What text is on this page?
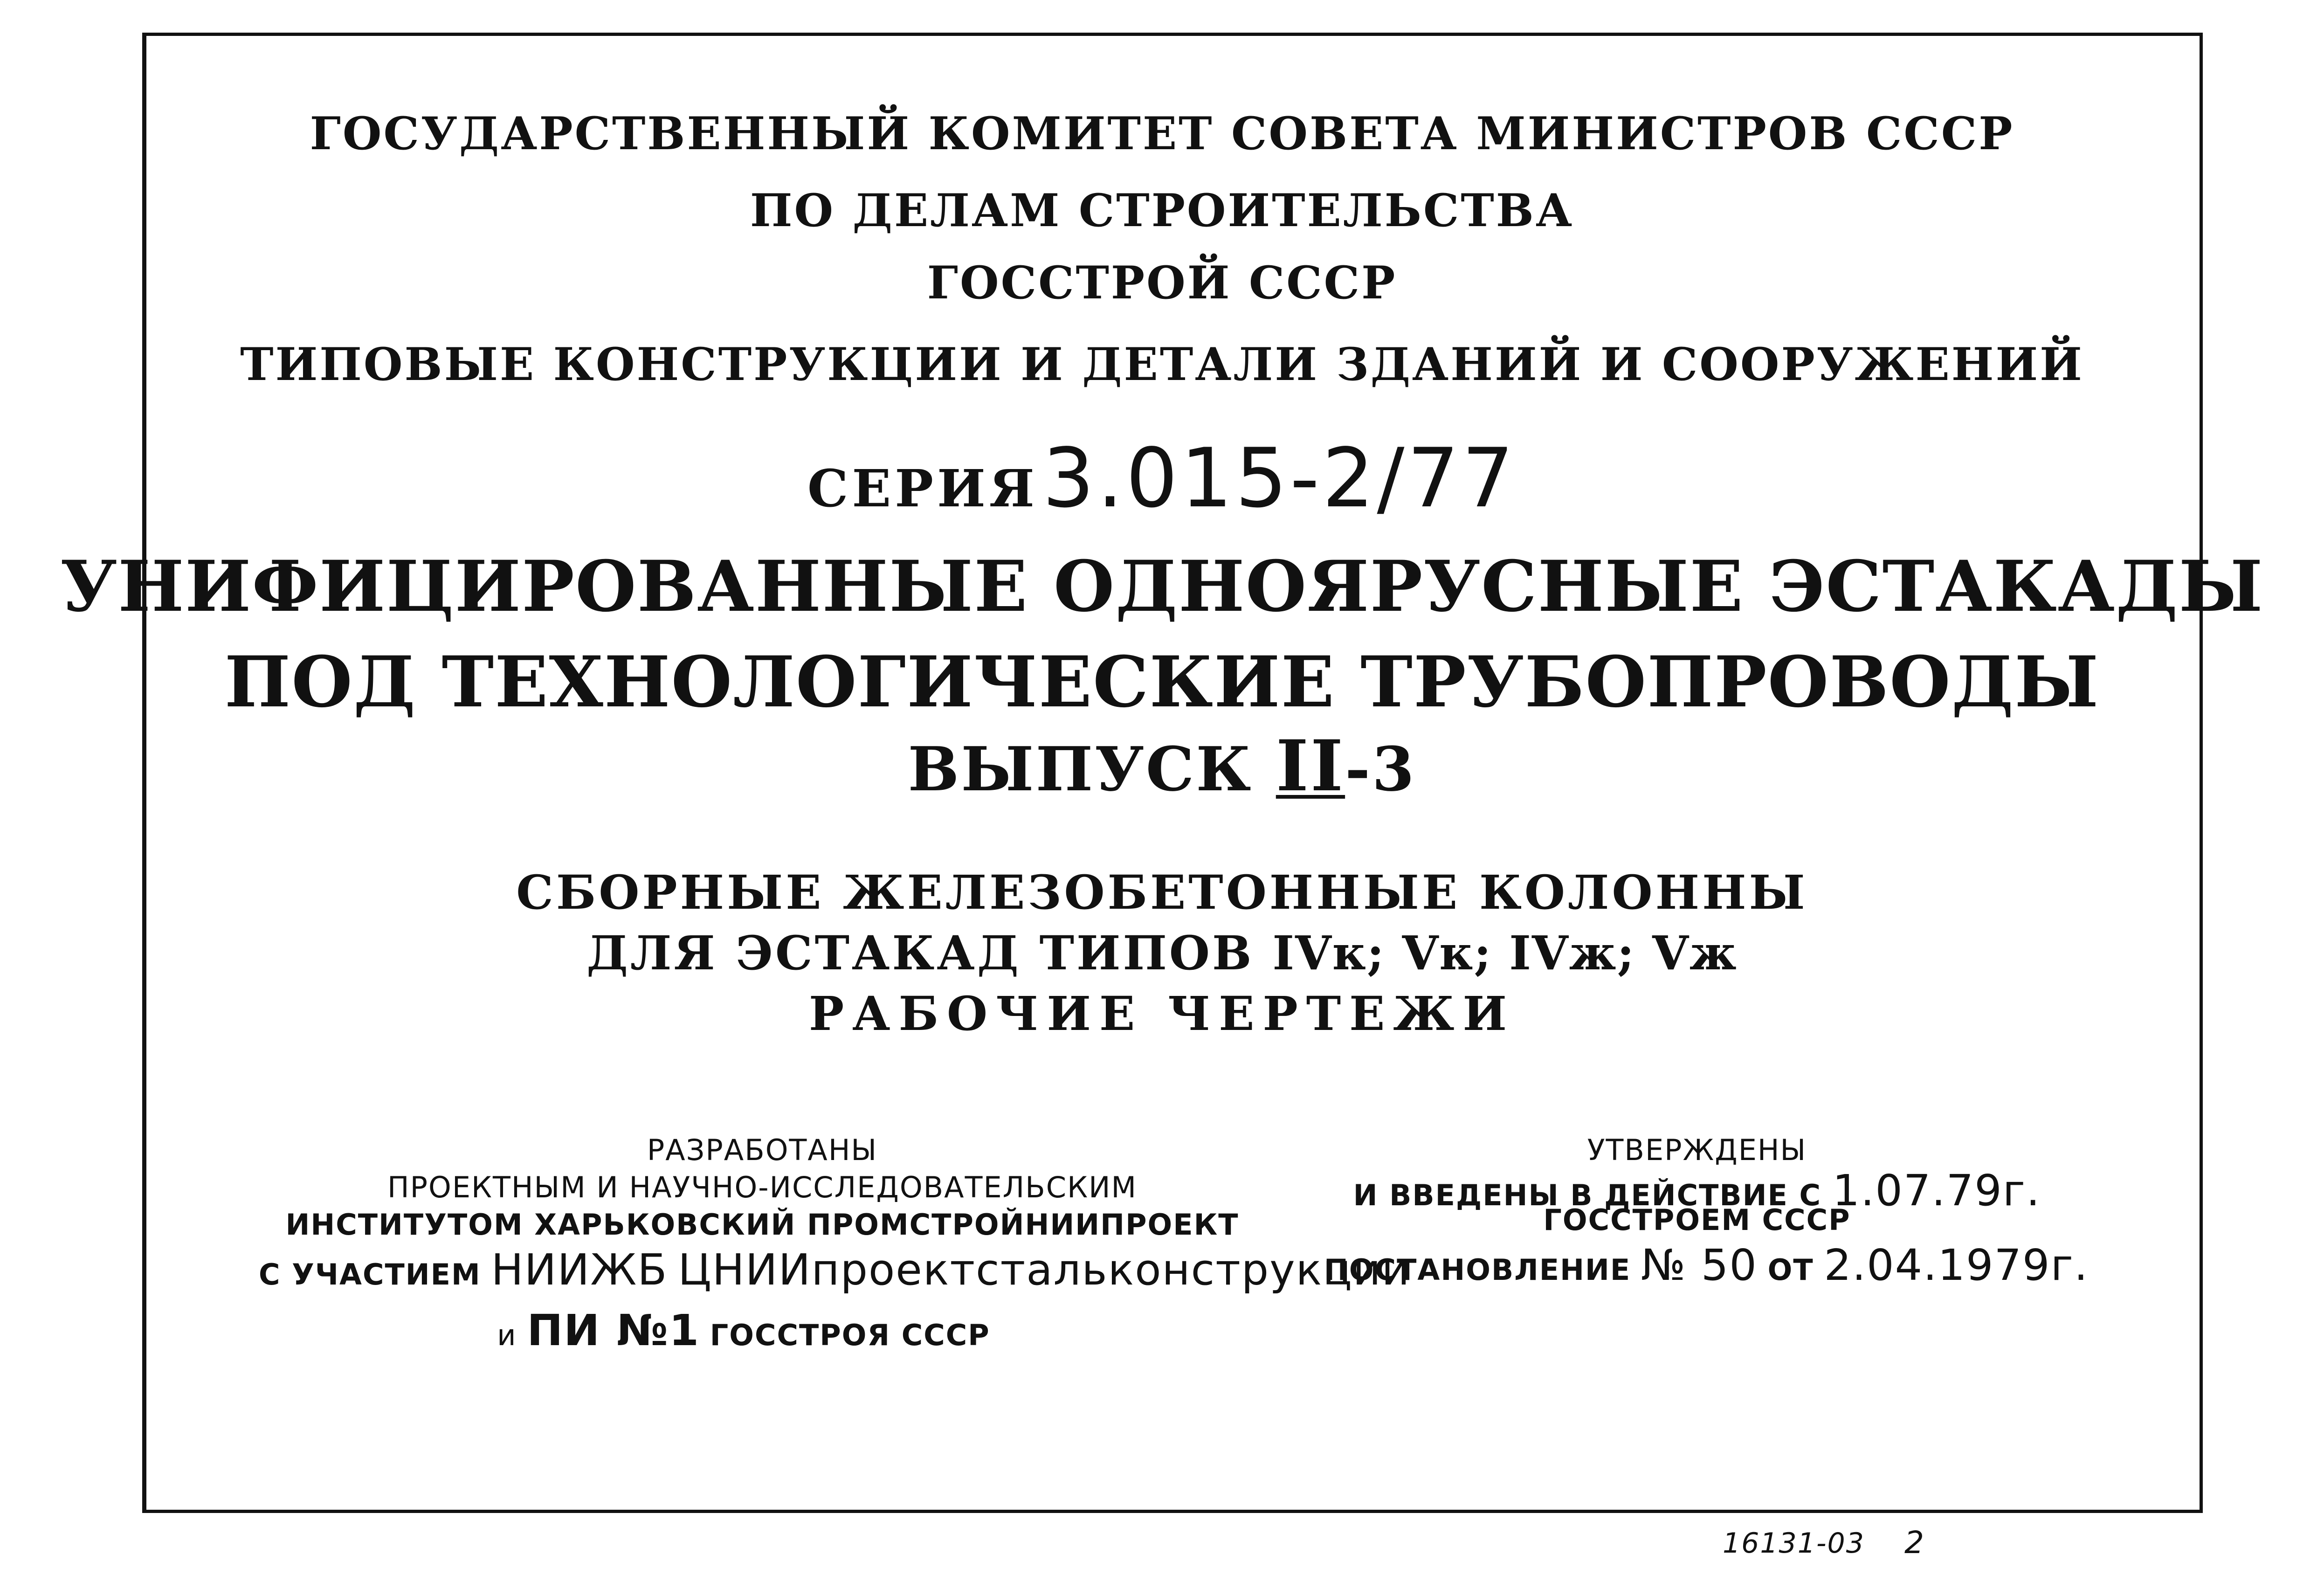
ГОСУДАРСТВЕННЫЙ КОМИТЕТ СОВЕТА МИНИСТРОВ СССР
ПО ДЕЛАМ СТРОИТЕЛЬСТВА
ГОССТРОЙ СССР
ТИПОВЫЕ КОНСТРУКЦИИ И ДЕТАЛИ ЗДАНИЙ И СООРУЖЕНИЙ
СЕРИЯ 3.015-2/77
УНИФИЦИРОВАННЫЕ ОДНОЯРУСНЫЕ ЭСТАКАДЫ
ПОД ТЕХНОЛОГИЧЕСКИЕ ТРУБОПРОВОДЫ
ВЫПУСК II-3
СБОРНЫЕ ЖЕЛЕЗОБЕТОННЫЕ КОЛОННЫ
ДЛЯ ЭСТАКАД ТИПОВ IVк; Vк; IVж; Vж
РАБОЧИЕ ЧЕРТЕЖИ
РАЗРАБОТАНЫ
ПРОЕКТНЫМ И НАУЧНО-ИССЛЕДОВАТЕЛЬСКИМ
ИНСТИТУТОМ ХАРЬКОВСКИЙ ПРОМСТРОЙНИИПРОЕКТ
С УЧАСТИЕМ НИИЖБ ЦНИИпроектстальконструкции
и ПИ №1 ГОССТРОЯ СССР
УТВЕРЖДЕНЫ
И ВВЕДЕНЫ В ДЕЙСТВИЕ С 1.07.79г.
ГОССТРОЕМ СССР
ПОСТАНОВЛЕНИЕ № 50 ОТ 2.04.1979г.
16131-03 2
